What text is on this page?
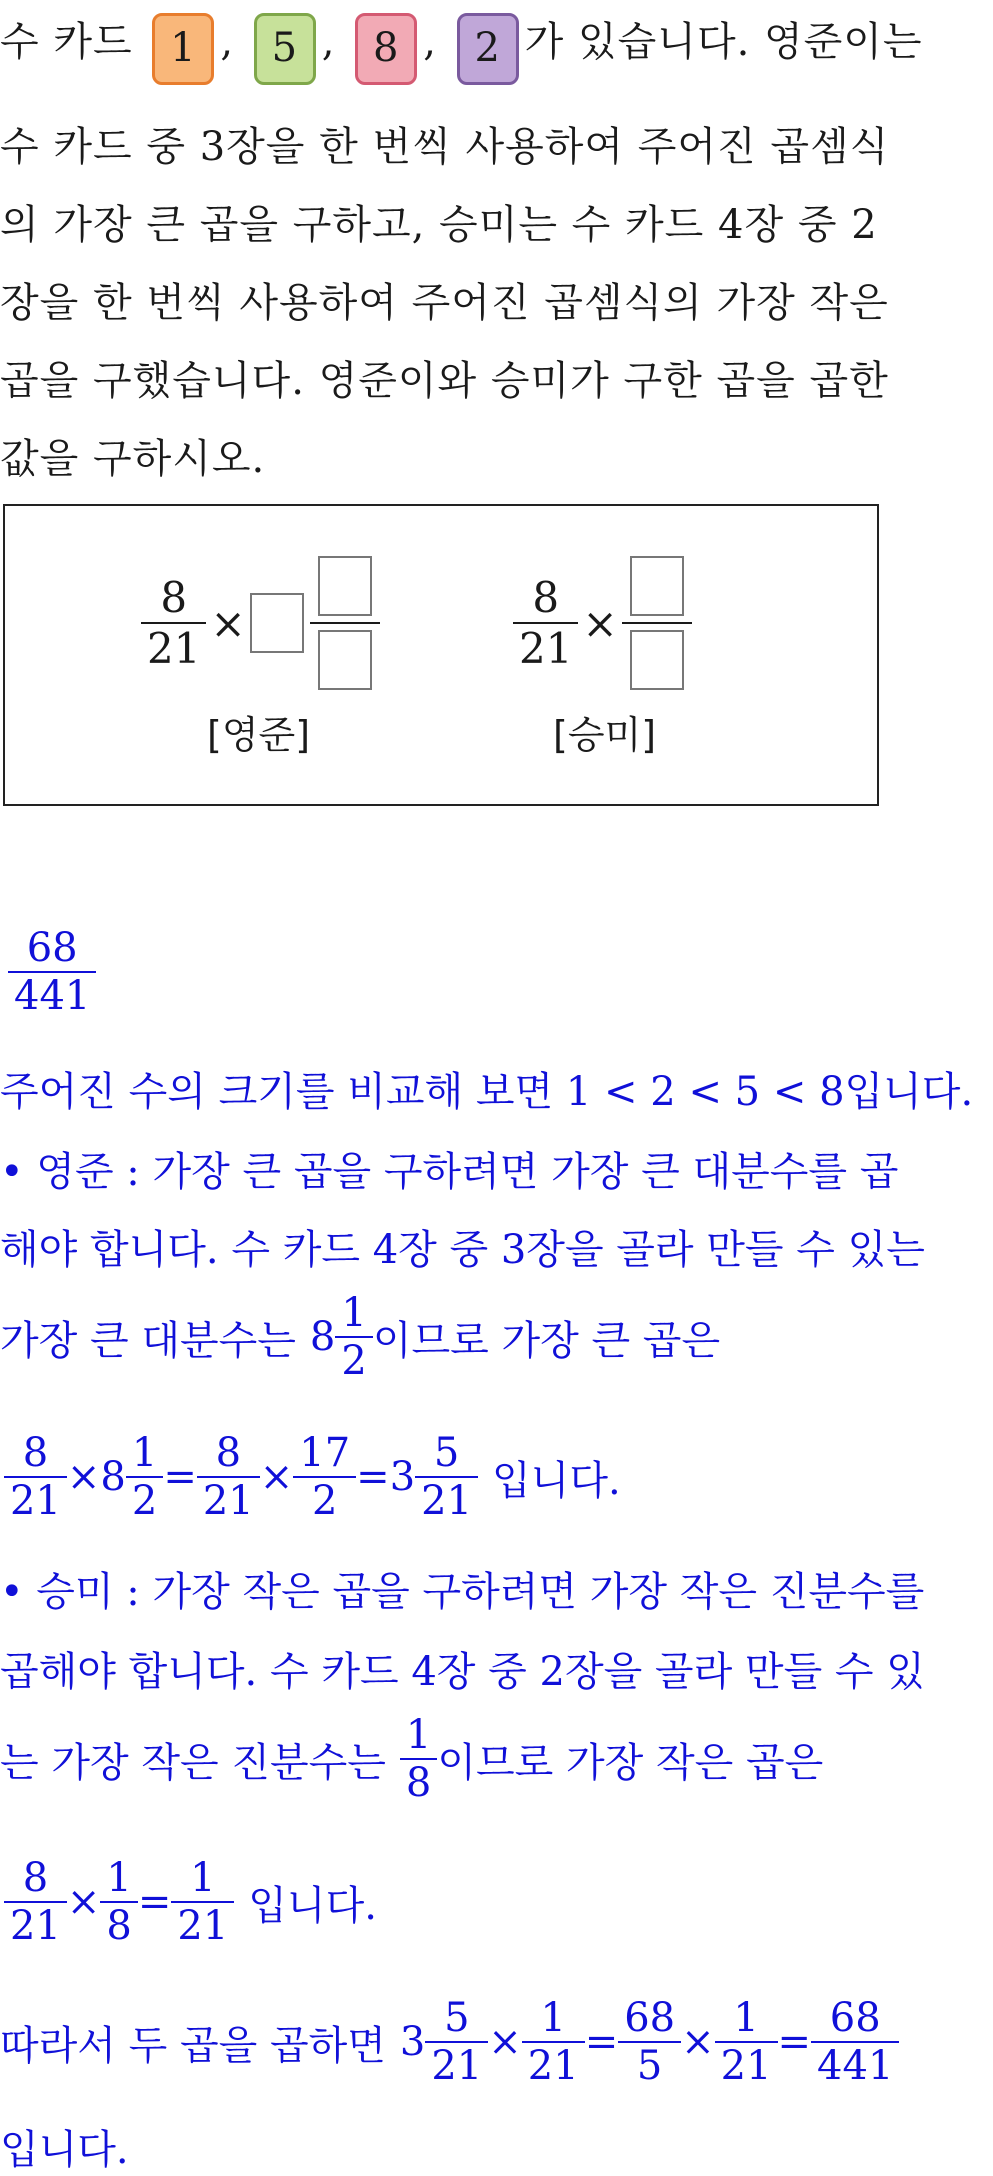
수 카드 1 , 5 , 8 , 2 가 있습니다. 영준이는
수 카드 중 3장을 한 번씩 사용하여 주어진 곱셈식
의 가장 큰 곱을 구하고, 승미는 수 카드 4장 중 2
장을 한 번씩 사용하여 주어진 곱셈식의 가장 작은
곱을 구했습니다. 영준이와 승미가 구한 곱을 곱한
값을 구하시오.
8
21
×
[영준]
8
21
×
[승미]
$\frac{68}{441}$
주어진 수의 크기를 비교해 보면 1 < 2 < 5 < 8입니다.
• 영준 : 가장 큰 곱을 구하려면 가장 큰 대분수를 곱
해야 합니다. 수 카드 4장 중 3장을 골라 만들 수 있는
가장 큰 대분수는 8
1
2 이므로 가장 큰 곱은
8
21
× 8
1
2
=
8
21
×
17
2
= 3
5
21 입니다.
• 승미 : 가장 작은 곱을 구하려면 가장 작은 진분수를
곱해야 합니다. 수 카드 4장 중 2장을 골라 만들 수 있
는 가장 작은 진분수는
1
8 이므로 가장 작은 곱은
8
21
×
1
8
=
1
21 입니다.
따라서 두 곱을 곱하면 3
5
21
×
1
21
=
68
5
×
1
21
=
68
441
입니다.
